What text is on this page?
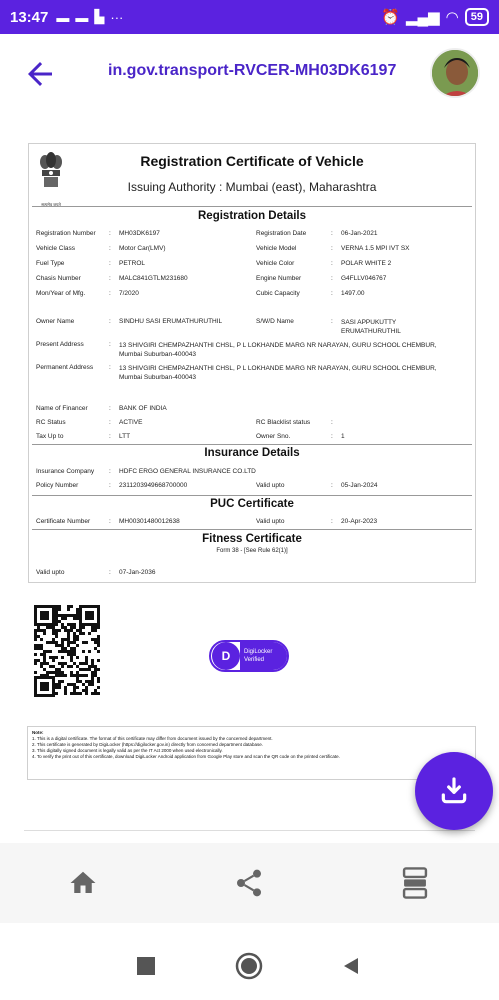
13:47 ▬ ▬ ▙ ···	⏰ ▂▄▆ ◠	59
in.gov.transport-RVCER-MH03DK6197
सत्यमेव जयते
Registration Certificate of Vehicle
Issuing Authority : Mumbai (east), Maharashtra
Registration Details
Registration Number : MH03DK6197	Registration Date	: 06-Jan-2021
Vehicle Class	: Motor Car(LMV)	Vehicle Model	: VERNA 1.5 MPI IVT SX
Fuel Type	: PETROL	Vehicle Color	: POLAR WHITE 2
Chasis Number	: MALC841GTLM231680	Engine Number	: G4FLLV046767
Mon/Year of Mfg.	: 7/2020	Cubic Capacity	: 1497.00
Owner Name	: SINDHU SASI ERUMATHURUTHIL	S/W/D Name	: SASI APPUKUTTY ERUMATHURUTHIL
Present Address	: 13 SHIVGIRI CHEMPAZHANTHI CHSL, P L LOKHANDE MARG NR NARAYAN, GURU SCHOOL CHEMBUR, Mumbai Suburban-400043
Permanent Address : 13 SHIVGIRI CHEMPAZHANTHI CHSL, P L LOKHANDE MARG NR NARAYAN, GURU SCHOOL CHEMBUR, Mumbai Suburban-400043
Name of Financer	: BANK OF INDIA
RC Status	: ACTIVE	RC Blacklist status	:
Tax Up to	: LTT	Owner Sno.	: 1
Insurance Details
Insurance Company : HDFC ERGO GENERAL INSURANCE CO.LTD
Policy Number	: 2311203949668700000	Valid upto	: 05-Jan-2024
PUC Certificate
Certificate Number	: MH00301480012638	Valid upto	: 20-Apr-2023
Fitness Certificate
Form 38 - [See Rule 62(1)]
Valid upto	: 07-Jan-2036
D	DigiLocker
Verified
Note:
1. This is a digital certificate. The format of this certificate may differ from document issued by the concerned department.
2. This certificate is generated by DigiLocker (https://digilocker.gov.in) directly from concerned department database.
3. This digitally signed document is legally valid as per the IT Act 2000 when used electronically.
4. To verify the print out of this certificate, download DigiLocker Android application from Google Play store and scan the QR code on the printed certificate.
